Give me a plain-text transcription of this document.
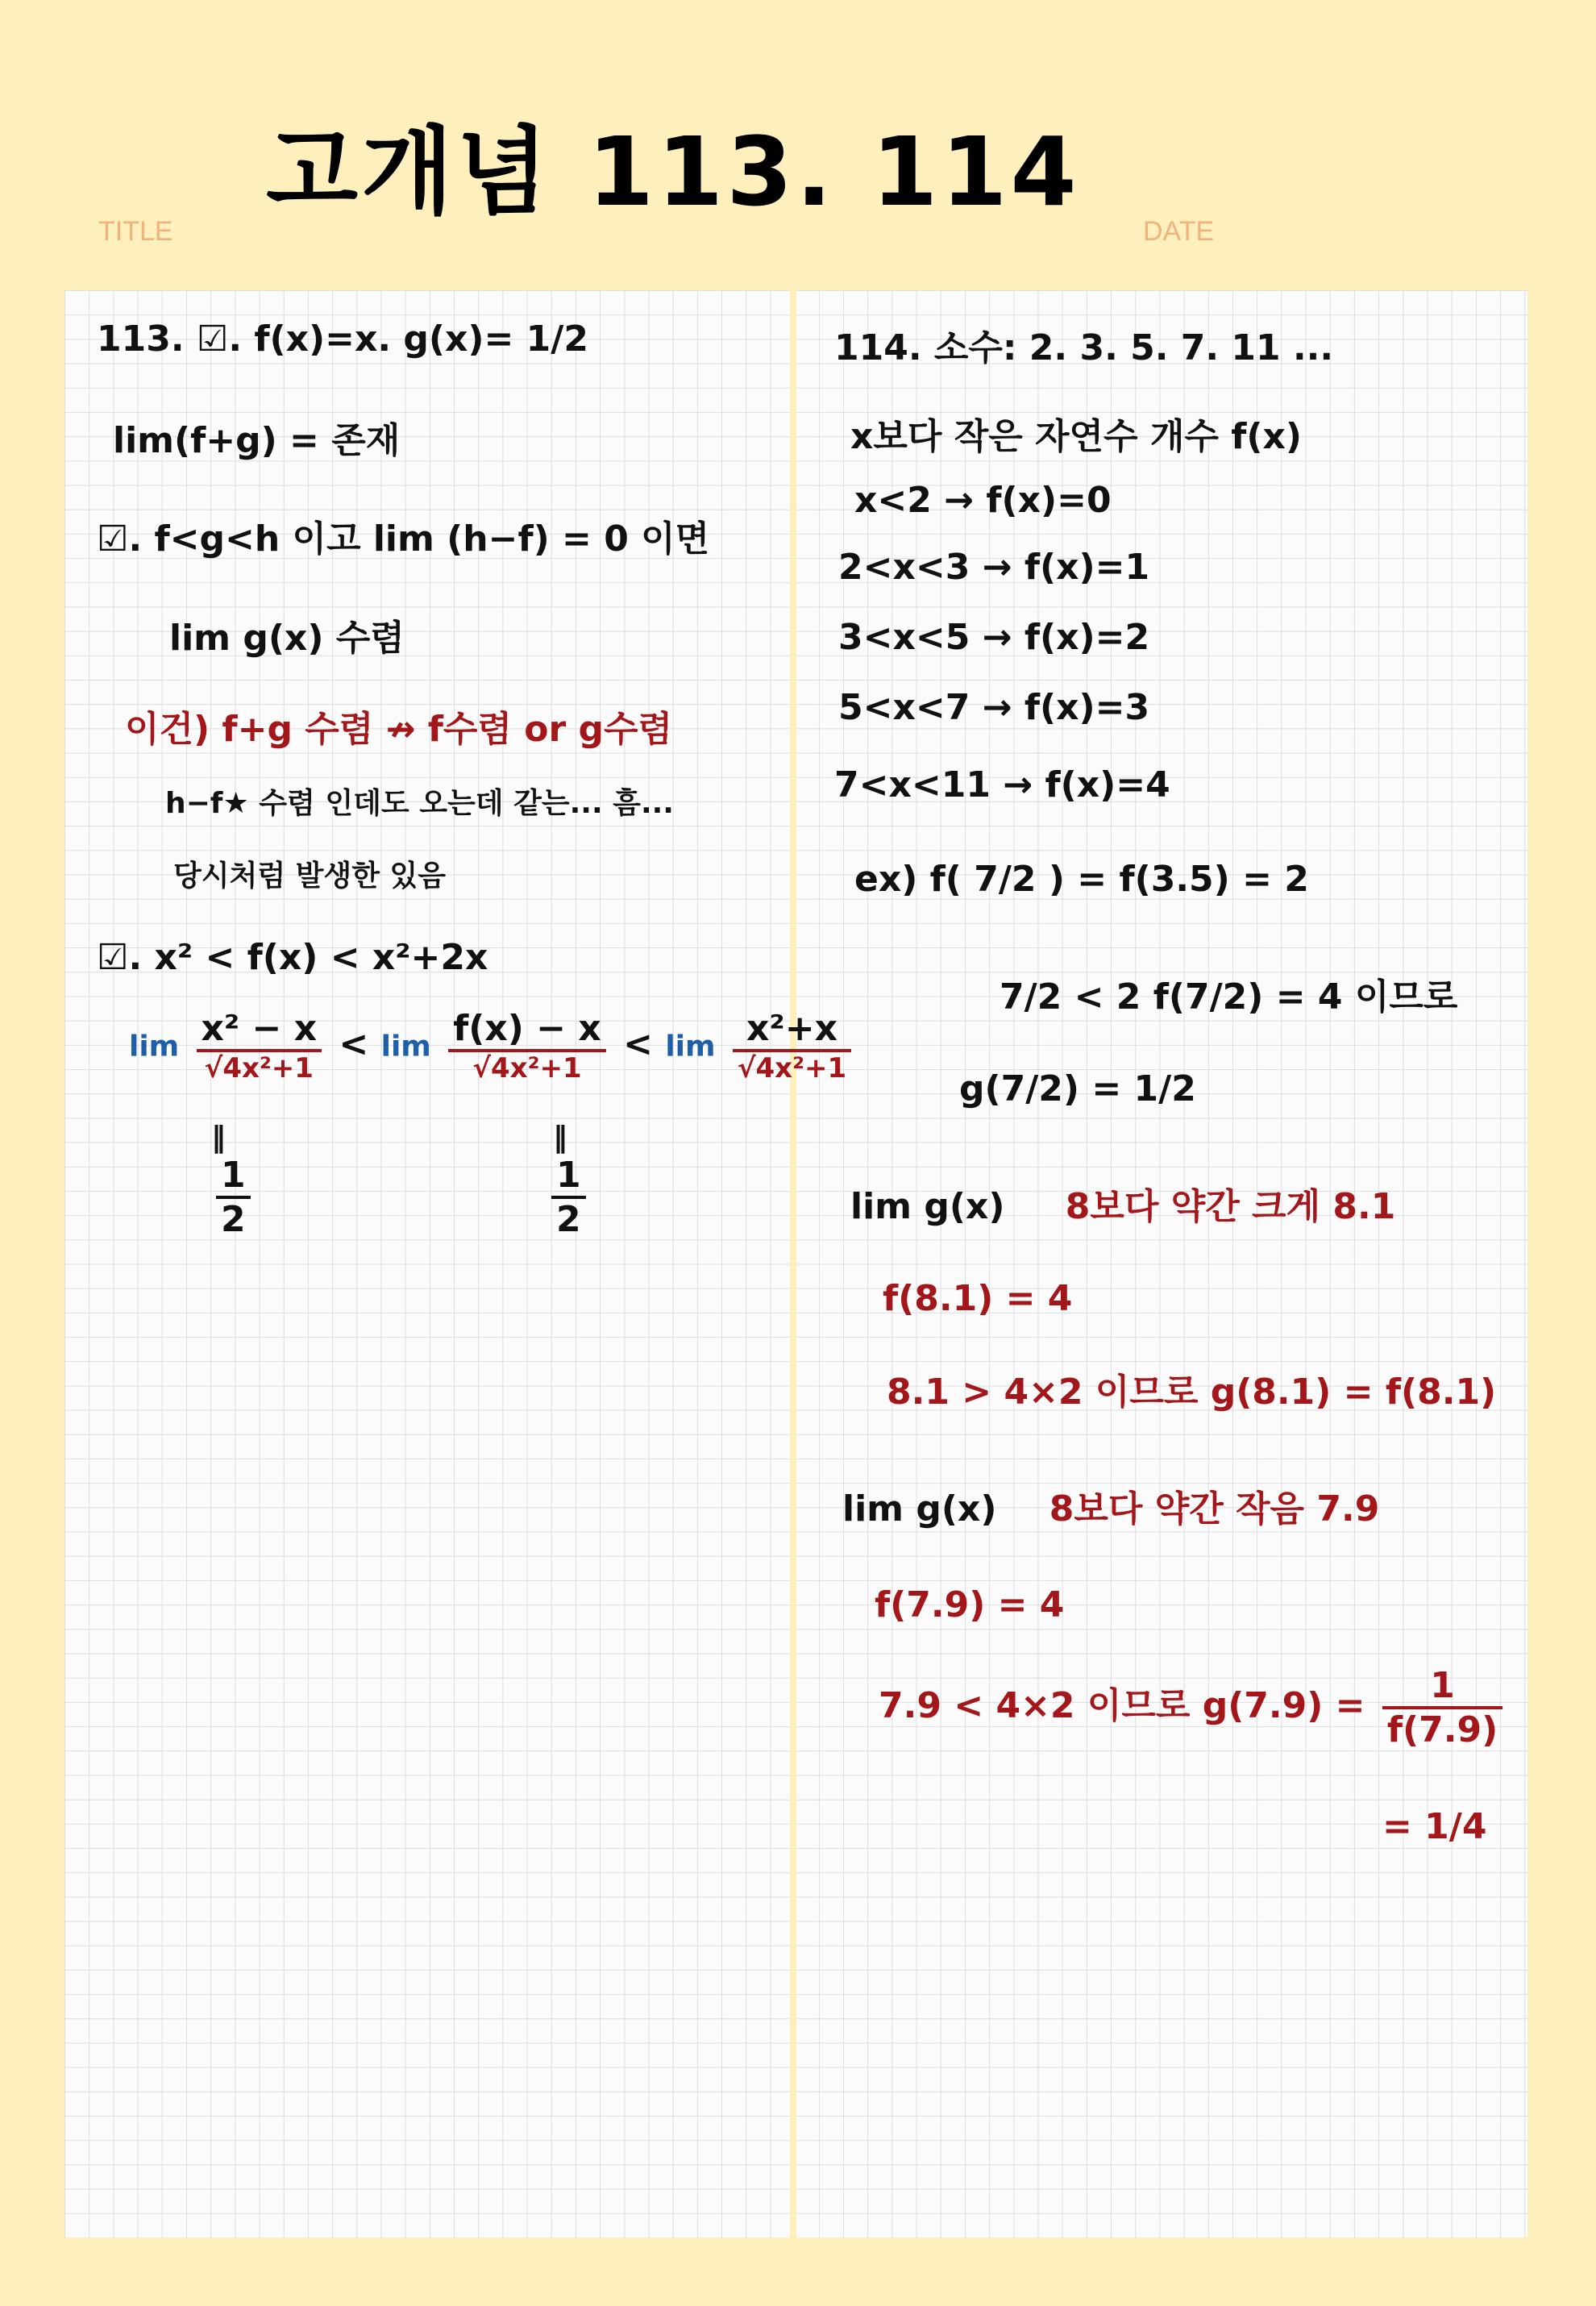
고개념 113. 114
TITLE	DATE
113. ☑. f(x)=x. g(x)= 1/2
lim(f+g) = 존재
☑. f<g<h 이고 lim (h−f) = 0 이면
lim g(x) 수렴
이건) f+g 수렴 ↛ f수렴 or g수렴
h−f★ 수렴 인데도 오는데 같는... 흠...
당시처럼 발생한 있음
☑. x² < f(x) < x²+2x
$\lim \frac{\text{x² − x}}{\text{√4x²+1}} < \lim \frac{f(x) - x}{\text{√4x²+1}} < \lim \frac{\text{x²+x}}{\text{√4x²+1}}$
‖
$\frac{1}{2}$
‖
$\frac{1}{2}$
114. 소수: 2. 3. 5. 7. 11 ...
x보다 작은 자연수 개수 f(x)
x<2 → f(x)=0
2<x<3 → f(x)=1
3<x<5 → f(x)=2
5<x<7 → f(x)=3
7<x<11 → f(x)=4
ex) f( 7/2 ) = f(3.5) = 2
7/2 < 2 f(7/2) = 4 이므로
g(7/2) = 1/2
lim g(x) 8보다 약간 크게 8.1
f(8.1) = 4
8.1 > 4×2 이므로 g(8.1) = f(8.1)
lim g(x) 8보다 약간 작음 7.9
f(7.9) = 4
7.9 < 4×2 이므로 $g(7.9) = \frac{1}{f(7.9)}$
= 1/4
